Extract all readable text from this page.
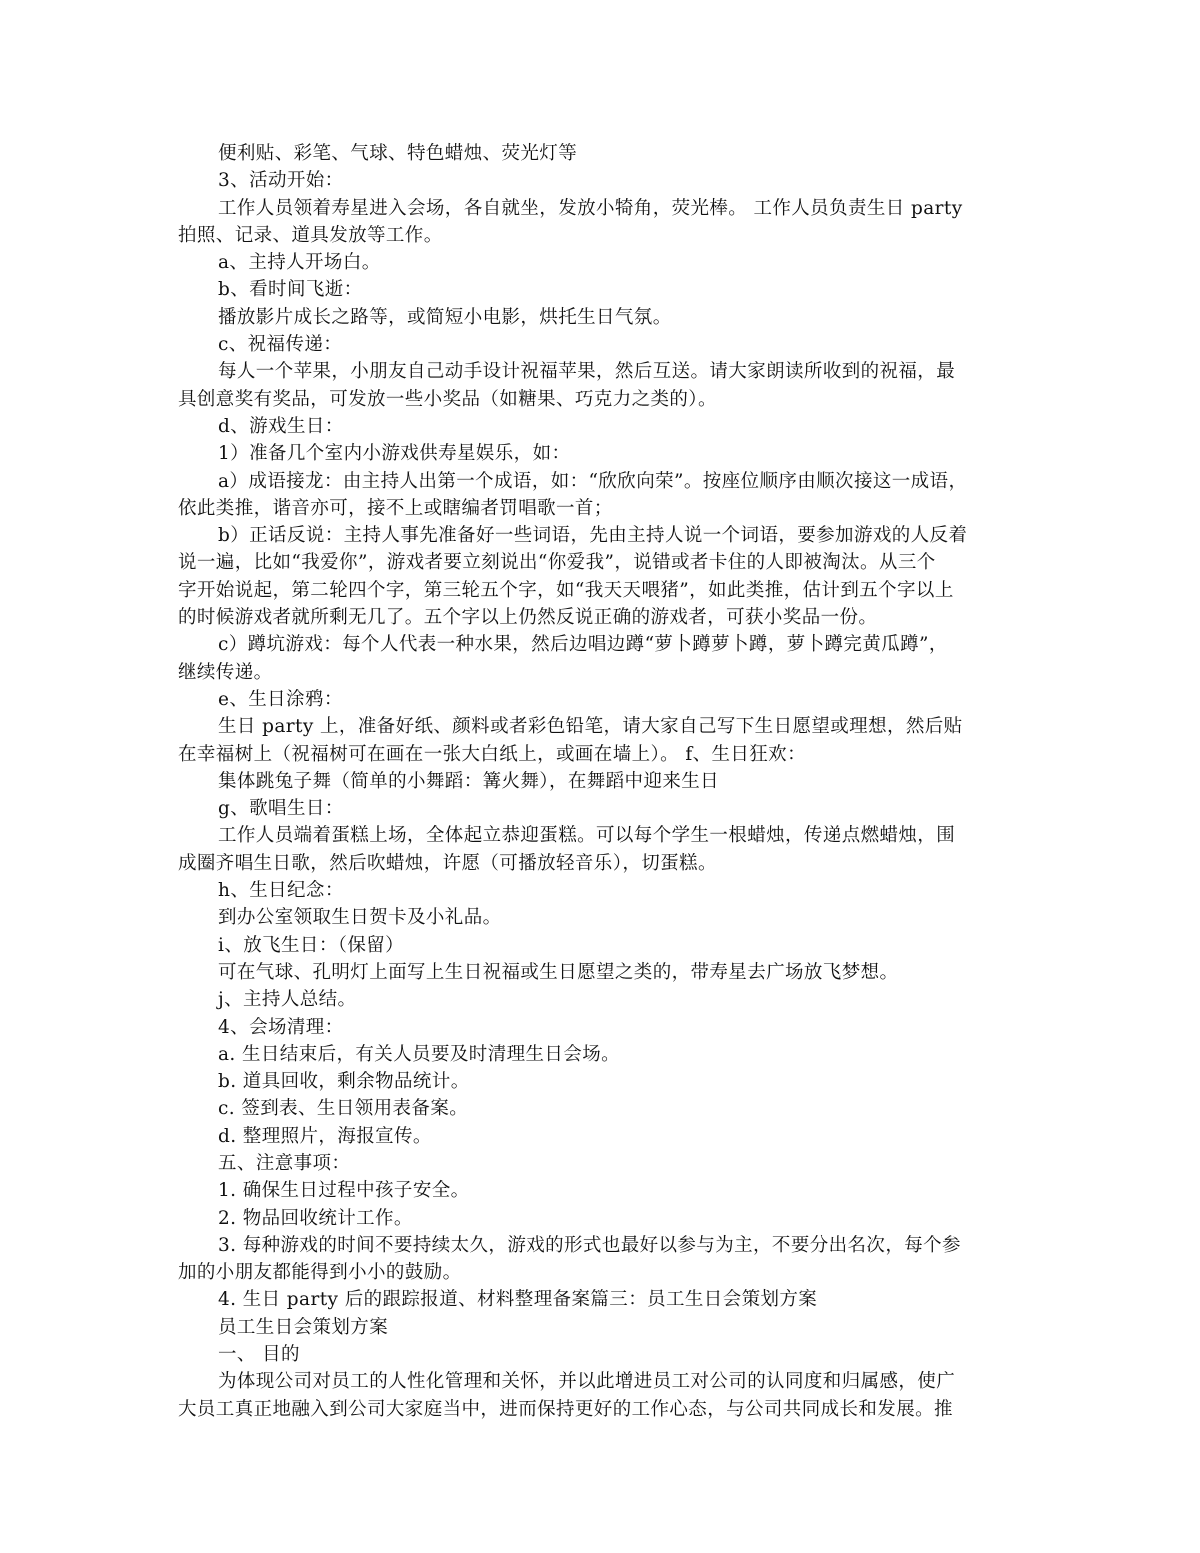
便利贴、彩笔、气球、特色蜡烛、荧光灯等
3、活动开始：
工作人员领着寿星进入会场，各自就坐，发放小犄角，荧光棒。 工作人员负责生日 party
拍照、记录、道具发放等工作。
a、主持人开场白。
b、看时间飞逝：
播放影片成长之路等，或简短小电影，烘托生日气氛。
c、祝福传递：
每人一个苹果，小朋友自己动手设计祝福苹果，然后互送。请大家朗读所收到的祝福，最
具创意奖有奖品，可发放一些小奖品（如糖果、巧克力之类的）。
d、游戏生日：
1）准备几个室内小游戏供寿星娱乐，如：
a）成语接龙：由主持人出第一个成语，如：“欣欣向荣”。按座位顺序由顺次接这一成语，
依此类推，谐音亦可，接不上或瞎编者罚唱歌一首；
b）正话反说：主持人事先准备好一些词语，先由主持人说一个词语，要参加游戏的人反着
说一遍，比如“我爱你”，游戏者要立刻说出“你爱我”，说错或者卡住的人即被淘汰。从三个
字开始说起，第二轮四个字，第三轮五个字，如“我天天喂猪”，如此类推，估计到五个字以上
的时候游戏者就所剩无几了。五个字以上仍然反说正确的游戏者，可获小奖品一份。
c）蹲坑游戏：每个人代表一种水果，然后边唱边蹲“萝卜蹲萝卜蹲，萝卜蹲完黄瓜蹲”，
继续传递。
e、生日涂鸦：
生日 party 上，准备好纸、颜料或者彩色铅笔，请大家自己写下生日愿望或理想，然后贴
在幸福树上（祝福树可在画在一张大白纸上，或画在墙上）。 f、生日狂欢：
集体跳兔子舞（简单的小舞蹈：篝火舞），在舞蹈中迎来生日
g、歌唱生日：
工作人员端着蛋糕上场，全体起立恭迎蛋糕。可以每个学生一根蜡烛，传递点燃蜡烛，围
成圈齐唱生日歌，然后吹蜡烛，许愿（可播放轻音乐），切蛋糕。
h、生日纪念：
到办公室领取生日贺卡及小礼品。
i、放飞生日：（保留）
可在气球、孔明灯上面写上生日祝福或生日愿望之类的，带寿星去广场放飞梦想。
j、主持人总结。
4、会场清理：
a. 生日结束后，有关人员要及时清理生日会场。
b. 道具回收，剩余物品统计。
c. 签到表、生日领用表备案。
d. 整理照片，海报宣传。
五、注意事项：
1. 确保生日过程中孩子安全。
2. 物品回收统计工作。
3. 每种游戏的时间不要持续太久，游戏的形式也最好以参与为主，不要分出名次，每个参
加的小朋友都能得到小小的鼓励。
4. 生日 party 后的跟踪报道、材料整理备案篇三：员工生日会策划方案
员工生日会策划方案
一、 目的
为体现公司对员工的人性化管理和关怀，并以此增进员工对公司的认同度和归属感，使广
大员工真正地融入到公司大家庭当中，进而保持更好的工作心态，与公司共同成长和发展。推
